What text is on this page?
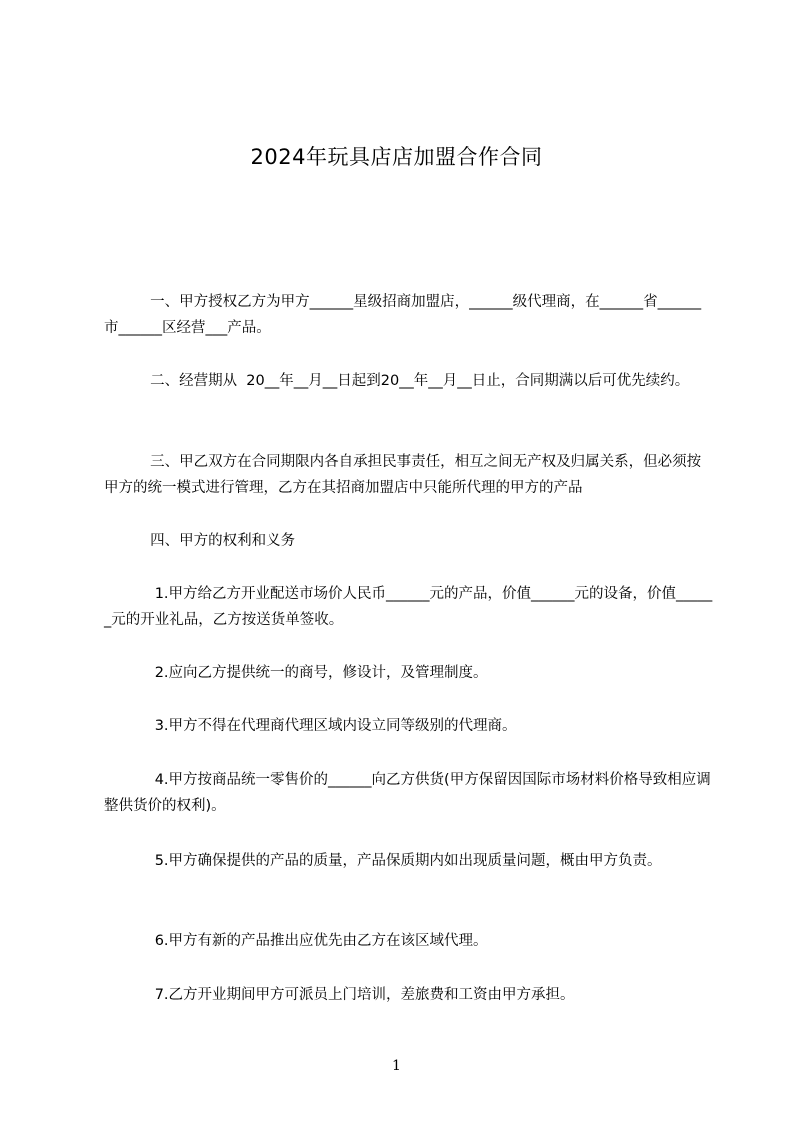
2024年玩具店店加盟合作合同
一、甲方授权乙方为甲方______星级招商加盟店，______级代理商，在______省______市______区经营___产品。
二、经营期从  20__年__月__日起到20__年__月__日止，合同期满以后可优先续约。
三、甲乙双方在合同期限内各自承担民事责任，相互之间无产权及归属关系，但必须按甲方的统一模式进行管理，乙方在其招商加盟店中只能所代理的甲方的产品
四、甲方的权利和义务
1.甲方给乙方开业配送市场价人民币______元的产品，价值______元的设备，价值______元的开业礼品，乙方按送货单签收。
2.应向乙方提供统一的商号，修设计，及管理制度。
3.甲方不得在代理商代理区域内设立同等级别的代理商。
4.甲方按商品统一零售价的______向乙方供货(甲方保留因国际市场材料价格导致相应调整供货价的权利)。
5.甲方确保提供的产品的质量，产品保质期内如出现质量问题，概由甲方负责。
6.甲方有新的产品推出应优先由乙方在该区域代理。
7.乙方开业期间甲方可派员上门培训，差旅费和工资由甲方承担。
1
